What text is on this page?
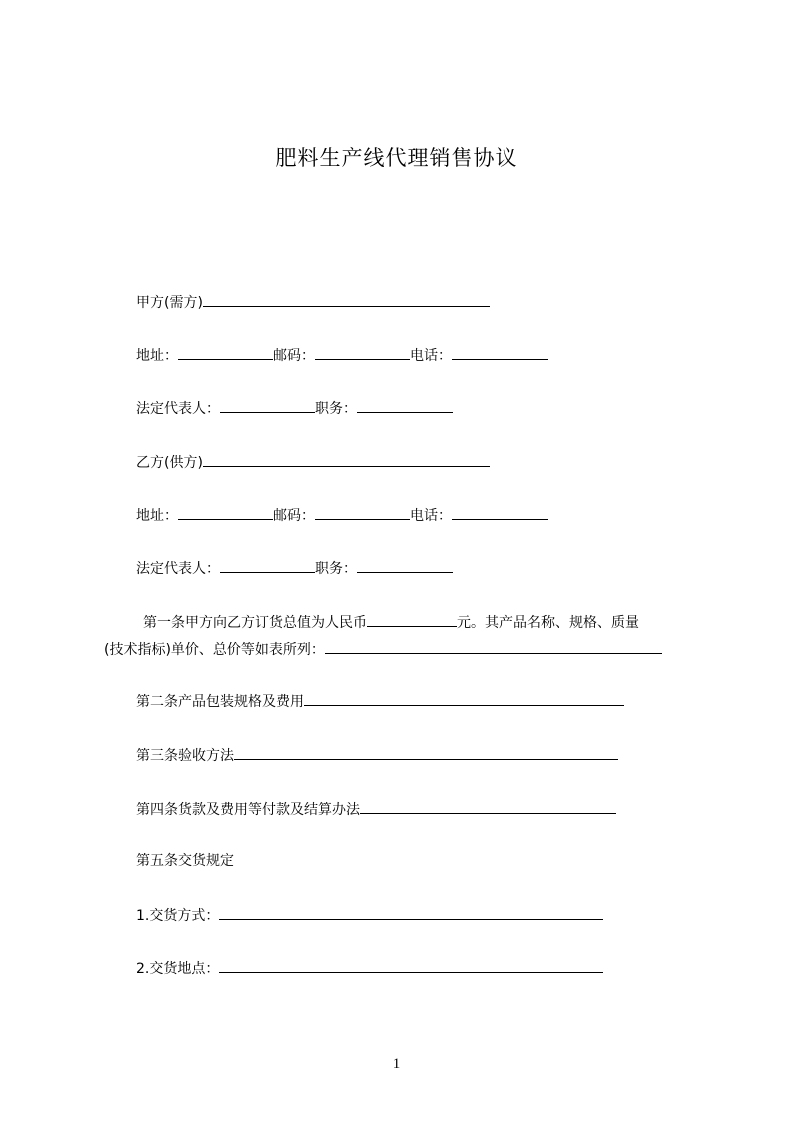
肥料生产线代理销售协议
甲方(需方)
地址：	邮码：	电话：
法定代表人：	职务：
乙方(供方)
地址：	邮码：	电话：
法定代表人：	职务：
第一条甲方向乙方订货总值为人民币	元。其产品名称、规格、质量
(技术指标)单价、总价等如表所列：
第二条产品包装规格及费用
第三条验收方法
第四条货款及费用等付款及结算办法
第五条交货规定
1.交货方式：
2.交货地点：
1
